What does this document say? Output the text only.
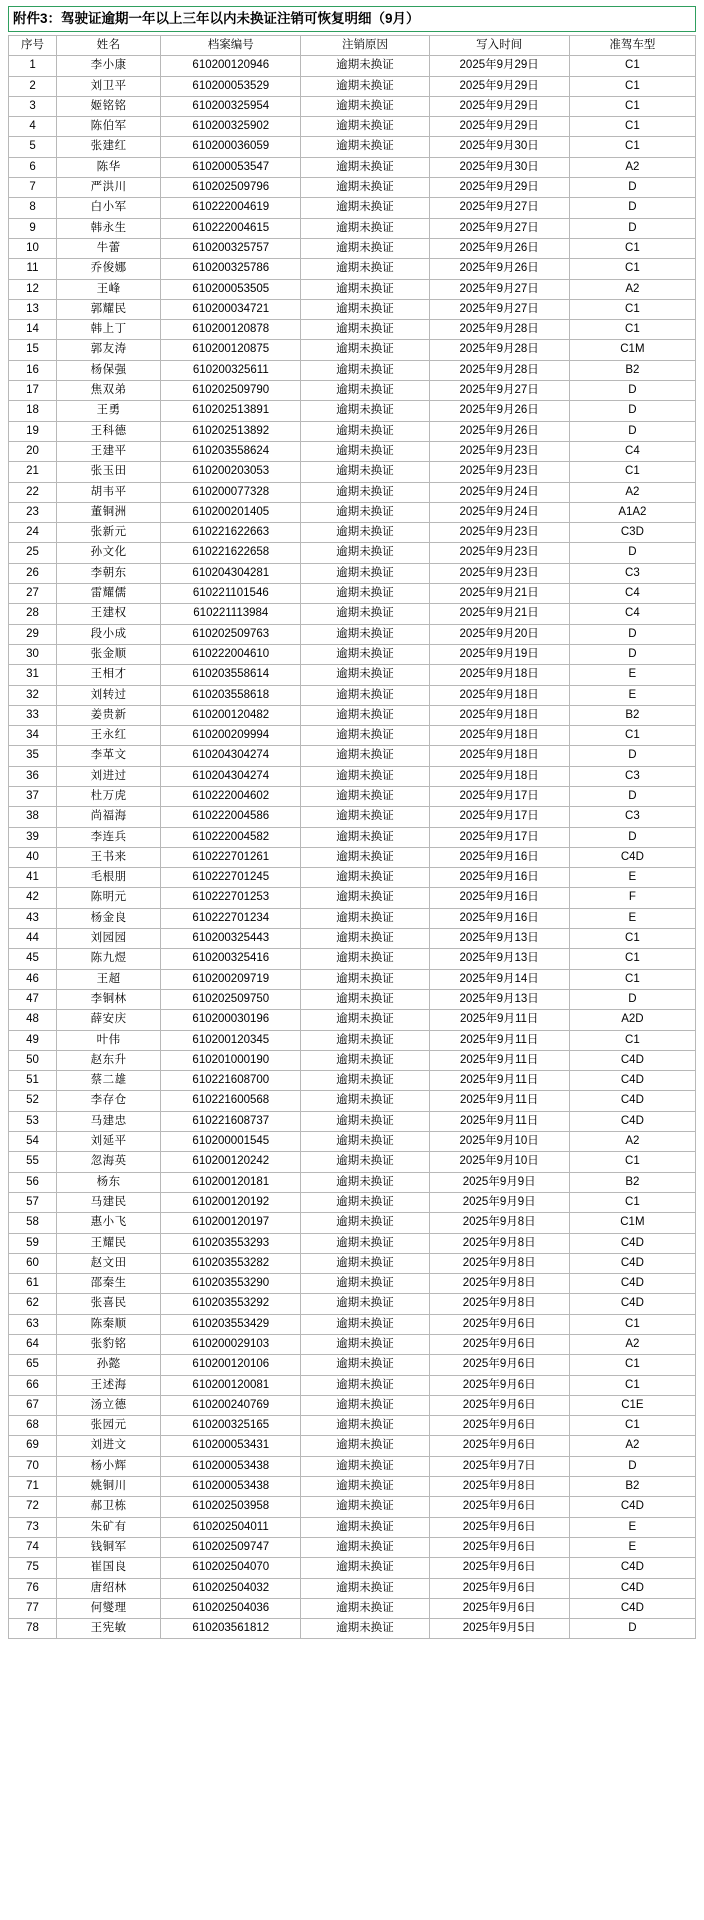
附件3：驾驶证逾期一年以上三年以内未换证注销可恢复明细（9月）
序号	姓名	档案编号	注销原因	写入时间	准驾车型
1	李小康	610200120946	逾期未换证	2025年9月29日	C1
2	刘卫平	610200053529	逾期未换证	2025年9月29日	C1
3	姬铭铭	610200325954	逾期未换证	2025年9月29日	C1
4	陈伯军	610200325902	逾期未换证	2025年9月29日	C1
5	张建红	610200036059	逾期未换证	2025年9月30日	C1
6	陈华	610200053547	逾期未换证	2025年9月30日	A2
7	严洪川	610202509796	逾期未换证	2025年9月29日	D
8	白小军	610222004619	逾期未换证	2025年9月27日	D
9	韩永生	610222004615	逾期未换证	2025年9月27日	D
10	牛蕾	610200325757	逾期未换证	2025年9月26日	C1
11	乔俊娜	610200325786	逾期未换证	2025年9月26日	C1
12	王峰	610200053505	逾期未换证	2025年9月27日	A2
13	郭耀民	610200034721	逾期未换证	2025年9月27日	C1
14	韩上丁	610200120878	逾期未换证	2025年9月28日	C1
15	郭友涛	610200120875	逾期未换证	2025年9月28日	C1M
16	杨保强	610200325611	逾期未换证	2025年9月28日	B2
17	焦双弟	610202509790	逾期未换证	2025年9月27日	D
18	王勇	610202513891	逾期未换证	2025年9月26日	D
19	王科德	610202513892	逾期未换证	2025年9月26日	D
20	王建平	610203558624	逾期未换证	2025年9月23日	C4
21	张玉田	610200203053	逾期未换证	2025年9月23日	C1
22	胡韦平	610200077328	逾期未换证	2025年9月24日	A2
23	董铜洲	610200201405	逾期未换证	2025年9月24日	A1A2
24	张新元	610221622663	逾期未换证	2025年9月23日	C3D
25	孙文化	610221622658	逾期未换证	2025年9月23日	D
26	李朝东	610204304281	逾期未换证	2025年9月23日	C3
27	雷耀儒	610221101546	逾期未换证	2025年9月21日	C4
28	王建权	610221113984	逾期未换证	2025年9月21日	C4
29	段小成	610202509763	逾期未换证	2025年9月20日	D
30	张金顺	610222004610	逾期未换证	2025年9月19日	D
31	王相才	610203558614	逾期未换证	2025年9月18日	E
32	刘转过	610203558618	逾期未换证	2025年9月18日	E
33	姜贵新	610200120482	逾期未换证	2025年9月18日	B2
34	王永红	610200209994	逾期未换证	2025年9月18日	C1
35	李革文	610204304274	逾期未换证	2025年9月18日	D
36	刘进过	610204304274	逾期未换证	2025年9月18日	C3
37	杜万虎	610222004602	逾期未换证	2025年9月17日	D
38	尚福海	610222004586	逾期未换证	2025年9月17日	C3
39	李连兵	610222004582	逾期未换证	2025年9月17日	D
40	王书来	610222701261	逾期未换证	2025年9月16日	C4D
41	毛根朋	610222701245	逾期未换证	2025年9月16日	E
42	陈明元	610222701253	逾期未换证	2025年9月16日	F
43	杨金良	610222701234	逾期未换证	2025年9月16日	E
44	刘园园	610200325443	逾期未换证	2025年9月13日	C1
45	陈九煜	610200325416	逾期未换证	2025年9月13日	C1
46	王超	610200209719	逾期未换证	2025年9月14日	C1
47	李铜林	610202509750	逾期未换证	2025年9月13日	D
48	薛安庆	610200030196	逾期未换证	2025年9月11日	A2D
49	叶伟	610200120345	逾期未换证	2025年9月11日	C1
50	赵东升	610201000190	逾期未换证	2025年9月11日	C4D
51	蔡二雄	610221608700	逾期未换证	2025年9月11日	C4D
52	李存仓	610221600568	逾期未换证	2025年9月11日	C4D
53	马建忠	610221608737	逾期未换证	2025年9月11日	C4D
54	刘延平	610200001545	逾期未换证	2025年9月10日	A2
55	忽海英	610200120242	逾期未换证	2025年9月10日	C1
56	杨东	610200120181	逾期未换证	2025年9月9日	B2
57	马建民	610200120192	逾期未换证	2025年9月9日	C1
58	惠小飞	610200120197	逾期未换证	2025年9月8日	C1M
59	王耀民	610203553293	逾期未换证	2025年9月8日	C4D
60	赵文田	610203553282	逾期未换证	2025年9月8日	C4D
61	邵秦生	610203553290	逾期未换证	2025年9月8日	C4D
62	张喜民	610203553292	逾期未换证	2025年9月8日	C4D
63	陈秦顺	610203553429	逾期未换证	2025年9月6日	C1
64	张豹铭	610200029103	逾期未换证	2025年9月6日	A2
65	孙懿	610200120106	逾期未换证	2025年9月6日	C1
66	王述海	610200120081	逾期未换证	2025年9月6日	C1
67	汤立德	610200240769	逾期未换证	2025年9月6日	C1E
68	张园元	610200325165	逾期未换证	2025年9月6日	C1
69	刘进文	610200053431	逾期未换证	2025年9月6日	A2
70	杨小辉	610200053438	逾期未换证	2025年9月7日	D
71	姚铜川	610200053438	逾期未换证	2025年9月8日	B2
72	郝卫栋	610202503958	逾期未换证	2025年9月6日	C4D
73	朱矿有	610202504011	逾期未换证	2025年9月6日	E
74	钱铜军	610202509747	逾期未换证	2025年9月6日	E
75	崔国良	610202504070	逾期未换证	2025年9月6日	C4D
76	唐绍林	610202504032	逾期未换证	2025年9月6日	C4D
77	何燮理	610202504036	逾期未换证	2025年9月6日	C4D
78	王宪敏	610203561812	逾期未换证	2025年9月5日	D
